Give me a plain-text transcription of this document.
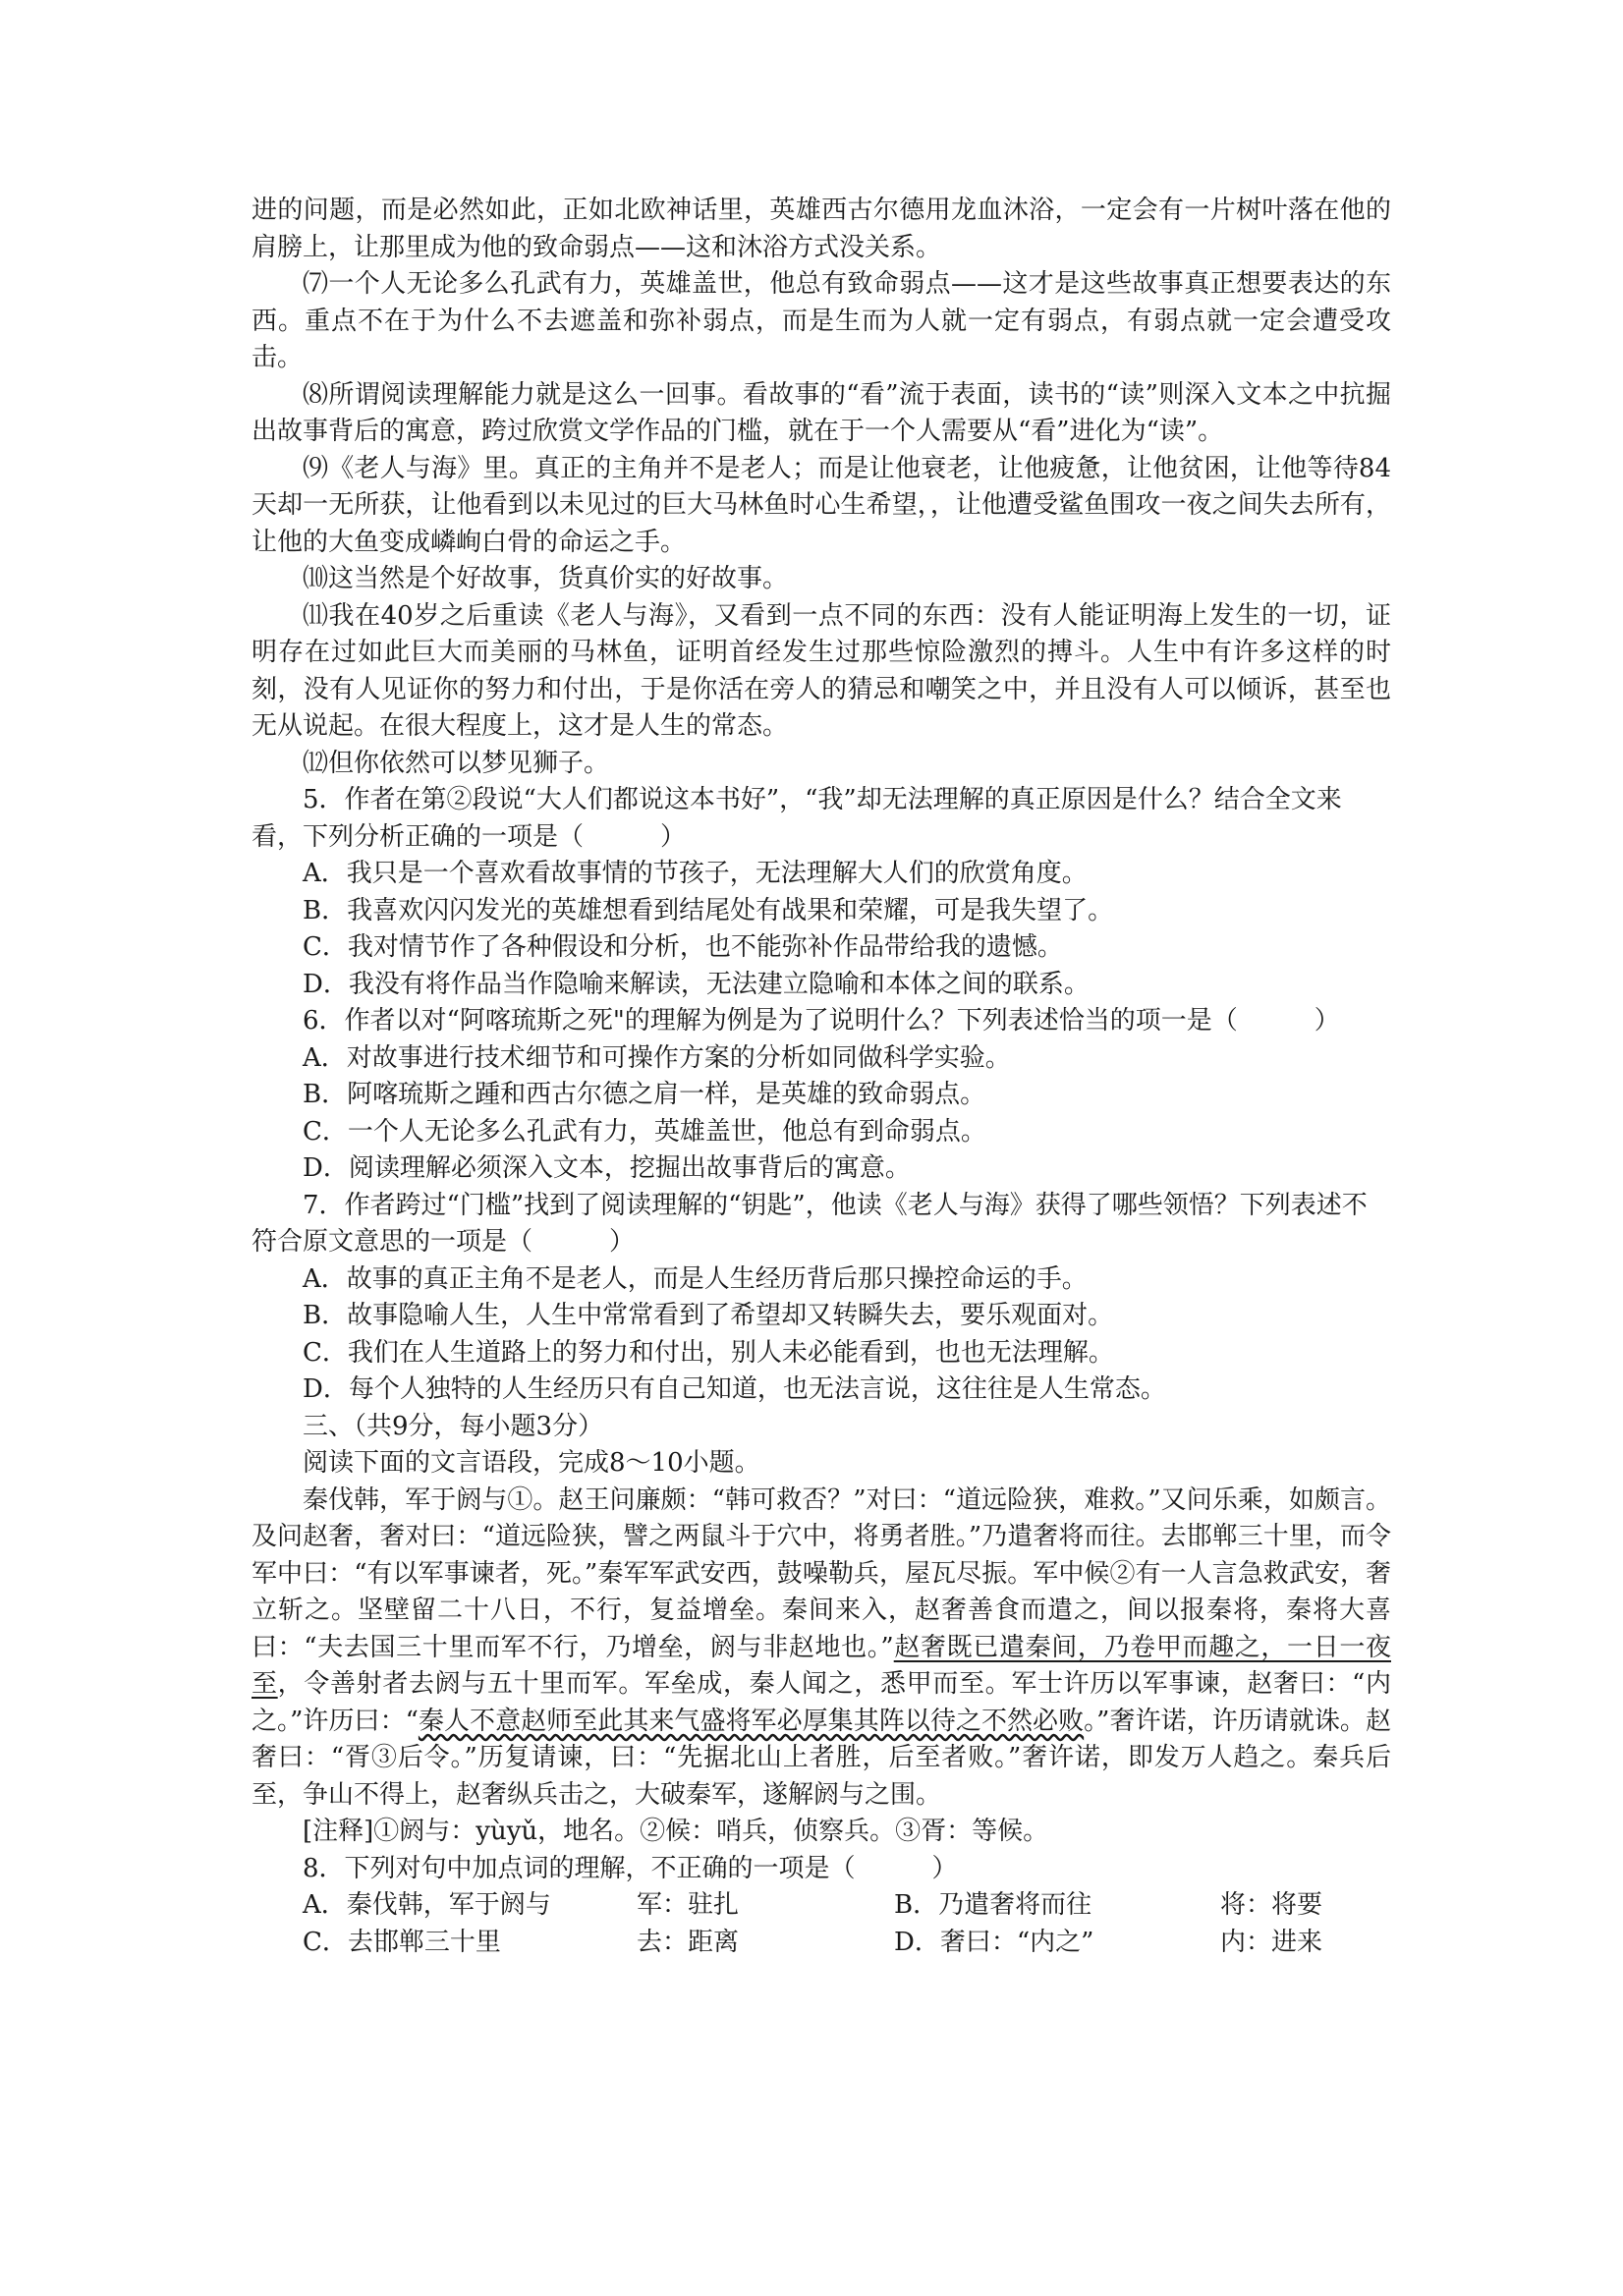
进的问题，而是必然如此，正如北欧神话里，英雄西古尔德用龙血沐浴，一定会有一片树叶落在他的肩膀上，让那里成为他的致命弱点——这和沐浴方式没关系。

⑺一个人无论多么孔武有力，英雄盖世，他总有致命弱点——这才是这些故事真正想要表达的东西。重点不在于为什么不去遮盖和弥补弱点，而是生而为人就一定有弱点，有弱点就一定会遭受攻击。

⑻所谓阅读理解能力就是这么一回事。看故事的“看”流于表面，读书的“读”则深入文本之中抗掘出故事背后的寓意，跨过欣赏文学作品的门槛，就在于一个人需要从“看”进化为“读”。

⑼《老人与海》里。真正的主角并不是老人；而是让他衰老，让他疲惫，让他贫困，让他等待84天却一无所获，让他看到以未见过的巨大马林鱼时心生希望，，让他遭受鲨鱼围攻一夜之间失去所有，让他的大鱼变成嶙峋白骨的命运之手。

⑽这当然是个好故事，货真价实的好故事。

⑾我在40岁之后重读《老人与海》，又看到一点不同的东西：没有人能证明海上发生的一切，证明存在过如此巨大而美丽的马林鱼，证明首经发生过那些惊险激烈的搏斗。人生中有许多这样的时刻，没有人见证你的努力和付出，于是你活在旁人的猜忌和嘲笑之中，并且没有人可以倾诉，甚至也无从说起。在很大程度上，这才是人生的常态。

⑿但你依然可以梦见狮子。

5．作者在第②段说“大人们都说这本书好”，“我”却无法理解的真正原因是什么？结合全文来看，下列分析正确的一项是（　　　）

A．我只是一个喜欢看故事情的节孩子，无法理解大人们的欣赏角度。

B．我喜欢闪闪发光的英雄想看到结尾处有战果和荣耀，可是我失望了。

C．我对情节作了各种假设和分析，也不能弥补作品带给我的遗憾。

D．我没有将作品当作隐喻来解读，无法建立隐喻和本体之间的联系。

6．作者以对“阿喀琉斯之死"的理解为例是为了说明什么？下列表述恰当的项一是（　　　）

A．对故事进行技术细节和可操作方案的分析如同做科学实验。

B．阿喀琉斯之踵和西古尔德之肩一样，是英雄的致命弱点。

C．一个人无论多么孔武有力，英雄盖世，他总有到命弱点。

D．阅读理解必须深入文本，挖掘出故事背后的寓意。

7．作者跨过“门槛”找到了阅读理解的“钥匙”，他读《老人与海》获得了哪些领悟？下列表述不符合原文意思的一项是（　　　）

A．故事的真正主角不是老人，而是人生经历背后那只操控命运的手。

B．故事隐喻人生，人生中常常看到了希望却又转瞬失去，要乐观面对。

C．我们在人生道路上的努力和付出，别人未必能看到，也也无法理解。

D．每个人独特的人生经历只有自己知道，也无法言说，这往往是人生常态。

三、（共9分，每小题3分）

阅读下面的文言语段，完成8～10小题。

秦伐韩，军于阏与①。赵王问廉颇：“韩可救否？”对曰：“道远险狭，难救。”又问乐乘，如颇言。及问赵奢，奢对曰：“道远险狭，譬之两鼠斗于穴中，将勇者胜。”乃遣奢将而往。去邯郸三十里，而令军中曰：“有以军事谏者，死。”秦军军武安西，鼓噪勒兵，屋瓦尽振。军中候②有一人言急救武安，奢立斩之。坚壁留二十八日，不行，复益增垒。秦间来入，赵奢善食而遣之，间以报秦将，秦将大喜曰：“夫去国三十里而军不行，乃增垒，阏与非赵地也。”赵奢既已遣秦间，乃卷甲而趣之，一日一夜至，令善射者去阏与五十里而军。军垒成，秦人闻之，悉甲而至。军士许历以军事谏，赵奢曰：“内之。”许历曰：“秦人不意赵师至此其来气盛将军必厚集其阵以待之不然必败。”奢许诺，许历请就诛。赵奢曰：“胥③后令。”历复请谏，曰：“先据北山上者胜，后至者败。”奢许诺，即发万人趋之。秦兵后至，争山不得上，赵奢纵兵击之，大破秦军，遂解阏与之围。

[注释]①阏与：yùyǔ，地名。②候：哨兵，侦察兵。③胥：等候。

8．下列对句中加点词的理解，不正确的一项是（　　　）

A．秦伐韩，军于阏与	军：驻扎	B．乃遣奢将而往	将：将要
C．去邯郸三十里	去：距离	D．奢曰：“内之”	内：进来
